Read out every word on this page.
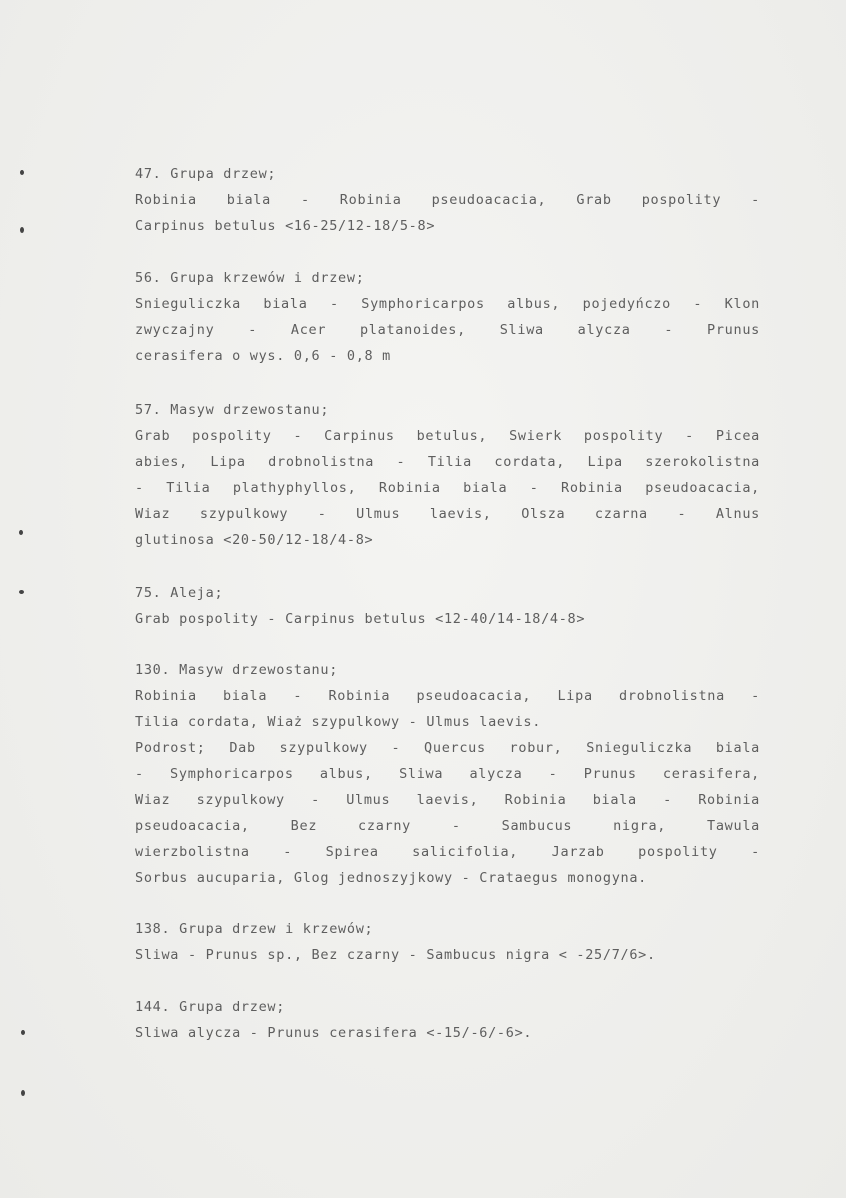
47. Grupa drzew;
Robinia biala - Robinia pseudoacacia, Grab pospolity -
Carpinus betulus <16-25/12-18/5-8>
56. Grupa krzewów i drzew;
Snieguliczka biala - Symphoricarpos albus, pojedyńczo - Klon
zwyczajny - Acer platanoides, Sliwa alycza - Prunus
cerasifera o wys. 0,6 - 0,8 m
57. Masyw drzewostanu;
Grab pospolity - Carpinus betulus, Swierk pospolity - Picea
abies, Lipa drobnolistna - Tilia cordata, Lipa szerokolistna
- Tilia plathyphyllos, Robinia biala - Robinia pseudoacacia,
Wiaz szypulkowy - Ulmus laevis, Olsza czarna - Alnus
glutinosa <20-50/12-18/4-8>
75. Aleja;
Grab pospolity - Carpinus betulus <12-40/14-18/4-8>
130. Masyw drzewostanu;
Robinia biala - Robinia pseudoacacia, Lipa drobnolistna -
Tilia cordata, Wiaż szypulkowy - Ulmus laevis.
Podrost; Dab szypulkowy - Quercus robur, Snieguliczka biala
- Symphoricarpos albus, Sliwa alycza - Prunus cerasifera,
Wiaz szypulkowy - Ulmus laevis, Robinia biala - Robinia
pseudoacacia, Bez czarny - Sambucus nigra, Tawula
wierzbolistna - Spirea salicifolia, Jarzab pospolity -
Sorbus aucuparia, Glog jednoszyjkowy - Crataegus monogyna.
138. Grupa drzew i krzewów;
Sliwa - Prunus sp., Bez czarny - Sambucus nigra < -25/7/6>.
144. Grupa drzew;
Sliwa alycza - Prunus cerasifera <-15/-6/-6>.
